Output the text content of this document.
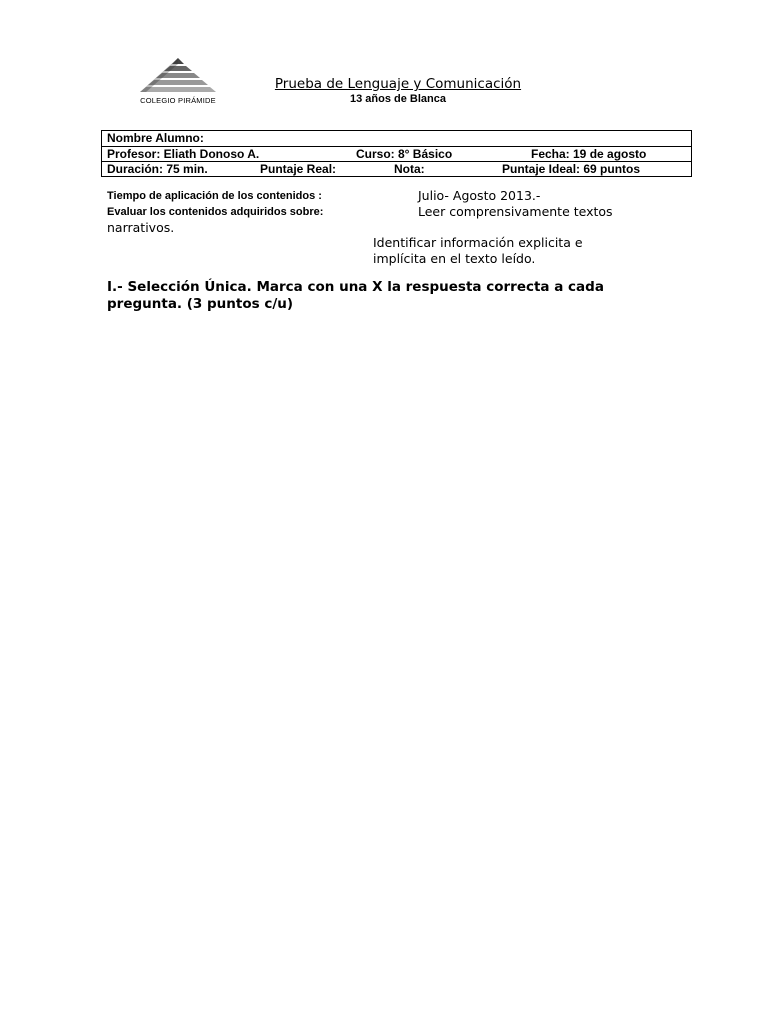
COLEGIO PIRÁMIDE
Prueba de Lenguaje y Comunicación
13 años de Blanca
Nombre Alumno:
Profesor: Eliath Donoso A.	Curso: 8° Básico	Fecha: 19 de agosto
Duración: 75 min.	Puntaje Real:	Nota:	Puntaje Ideal: 69 puntos
Tiempo de aplicación de los contenidos :	Julio- Agosto 2013.-
Evaluar los contenidos adquiridos sobre:	Leer comprensivamente textos
narrativos.
Identificar información explicita e
implícita en el texto leído.
I.- Selección Única. Marca con una X la respuesta correcta a cada
pregunta. (3 puntos c/u)
